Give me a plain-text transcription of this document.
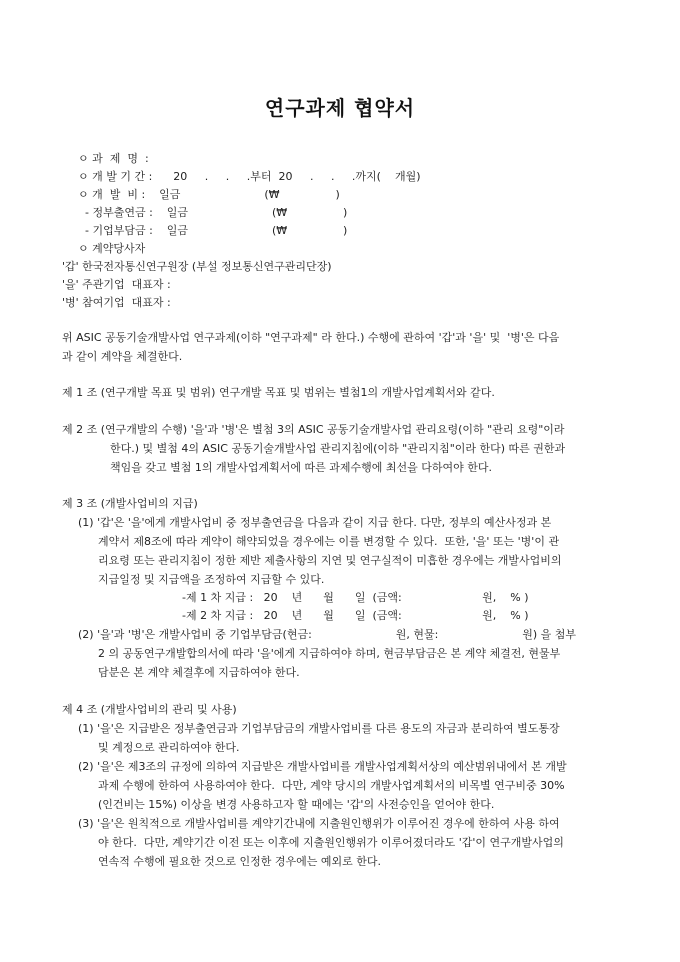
연구과제 협약서
ㅇ 과  제  명  :
ㅇ 개 발 기 간 :      20     .     .     .부터  20     .     .     .까지(    개월)
ㅇ 개  발  비 :    일금                        (₩                )
- 정부출연금 :    일금                        (₩                )
- 기업부담금 :    일금                        (₩                )
ㅇ 계약당사자
'갑' 한국전자통신연구원장 (부설 정보통신연구관리단장)
'을' 주관기업  대표자 :
'병' 참여기업  대표자 :
위 ASIC 공동기술개발사업 연구과제(이하 "연구과제" 라 한다.) 수행에 관하여 '갑'과 '을' 및  '병'은 다음
과 같이 계약을 체결한다.
제 1 조 (연구개발 목표 및 범위) 연구개발 목표 및 범위는 별첨1의 개발사업계획서와 같다.
제 2 조 (연구개발의 수행) '을'과 '병'은 별첨 3의 ASIC 공동기술개발사업 관리요령(이하 "관리 요령"이라
한다.) 및 별첨 4의 ASIC 공동기술개발사업 관리지침에(이하 "관리지침"이라 한다) 따른 권한과
책임을 갖고 별첨 1의 개발사업계획서에 따른 과제수행에 최선을 다하여야 한다.
제 3 조 (개발사업비의 지급)
(1) '갑'은 '을'에게 개발사업비 중 정부출연금을 다음과 같이 지급 한다. 다만, 정부의 예산사정과 본
계약서 제8조에 따라 계약이 해약되었을 경우에는 이를 변경할 수 있다.  또한, '을' 또는 '병'이 관
리요령 또는 관리지침이 정한 제반 제출사항의 지연 및 연구실적이 미흡한 경우에는 개발사업비의
지급일정 및 지급액을 조정하여 지급할 수 있다.
-제 1 차 지급 :   20    년      월      일  (금액:                       원,    % )
-제 2 차 지급 :   20    년      월      일  (금액:                       원,    % )
(2) '을'과 '병'은 개발사업비 중 기업부담금(현금:                        원, 현물:                        원) 을 첨부
2 의 공동연구개발합의서에 따라 '을'에게 지급하여야 하며, 현금부담금은 본 계약 체결전, 현물부
담분은 본 계약 체결후에 지급하여야 한다.
제 4 조 (개발사업비의 관리 및 사용)
(1) '을'은 지급받은 정부출연금과 기업부담금의 개발사업비를 다른 용도의 자금과 분리하여 별도통장
및 계정으로 관리하여야 한다.
(2) '을'은 제3조의 규정에 의하여 지급받은 개발사업비를 개발사업계획서상의 예산범위내에서 본 개발
과제 수행에 한하여 사용하여야 한다.  다만, 계약 당시의 개발사업계획서의 비목별 연구비중 30%
(인건비는 15%) 이상을 변경 사용하고자 할 때에는 '갑'의 사전승인을 얻어야 한다.
(3) '을'은 원칙적으로 개발사업비를 계약기간내에 지출원인행위가 이루어진 경우에 한하여 사용 하여
야 한다.  다만, 계약기간 이전 또는 이후에 지출원인행위가 이루어졌더라도 '갑'이 연구개발사업의
연속적 수행에 필요한 것으로 인정한 경우에는 예외로 한다.
